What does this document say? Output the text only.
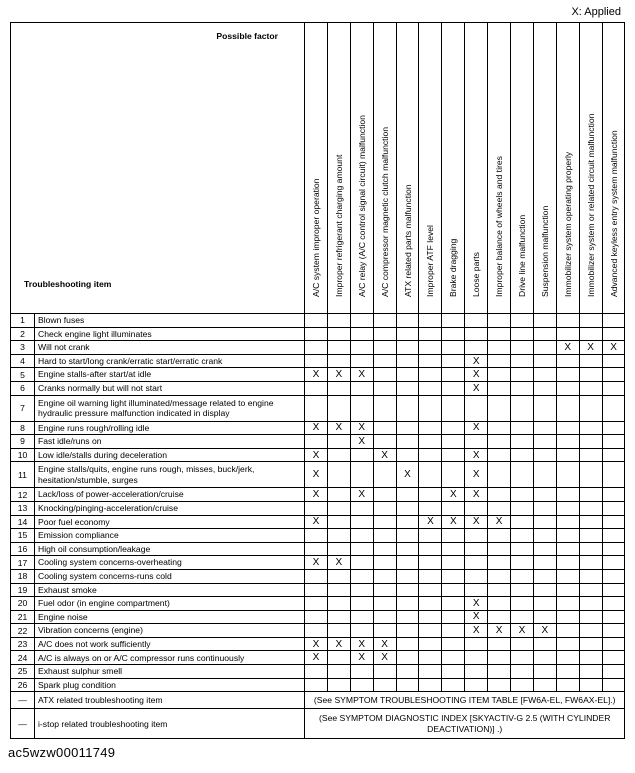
X: Applied
Possible factor
Troubleshooting item		A/C system improper operation	Improper refrigerant charging amount	A/C relay (A/C control signal circuit) malfunction	A/C compressor magnetic clutch malfunction	ATX related parts malfunction	Improper ATF level	Brake dragging	Loose parts	Improper balance of wheels and tires	Drive line malfunction	Suspension malfunction	Immobilizer system operating properly	Immobilizer system or related circuit malfunction	Advanced keyless entry system malfunction

1	Blown fuses														
2	Check engine light illuminates														
3	Will not crank												X	X	X
4	Hard to start/long crank/erratic start/erratic crank								X						
5	Engine stalls-after start/at idle	X	X	X					X						
6	Cranks normally but will not start								X						
7	Engine oil warning light illuminated/message related to engine hydraulic pressure malfunction indicated in display														
8	Engine runs rough/rolling idle	X	X	X					X						
9	Fast idle/runs on			X											
10	Low idle/stalls during deceleration	X			X				X						
11	Engine stalls/quits, engine runs rough, misses, buck/jerk, hesitation/stumble, surges	X				X			X						
12	Lack/loss of power-acceleration/cruise	X		X				X	X						
13	Knocking/pinging-acceleration/cruise														
14	Poor fuel economy	X					X	X	X	X					
15	Emission compliance														
16	High oil consumption/leakage														
17	Cooling system concerns-overheating	X	X												
18	Cooling system concerns-runs cold														
19	Exhaust smoke														
20	Fuel odor (in engine compartment)								X						
21	Engine noise								X						
22	Vibration concerns (engine)								X	X	X	X			
23	A/C does not work sufficiently	X	X	X	X										
24	A/C is always on or A/C compressor runs continuously	X		X	X										
25	Exhaust sulphur smell														
26	Spark plug condition														
—	ATX related troubleshooting item	(See SYMPTOM TROUBLESHOOTING ITEM TABLE [FW6A-EL, FW6AX-EL].)													
—	i-stop related troubleshooting item	(See SYMPTOM DIAGNOSTIC INDEX [SKYACTIV-G 2.5 (WITH CYLINDER DEACTIVATION)] .)													
ac5wzw00011749
